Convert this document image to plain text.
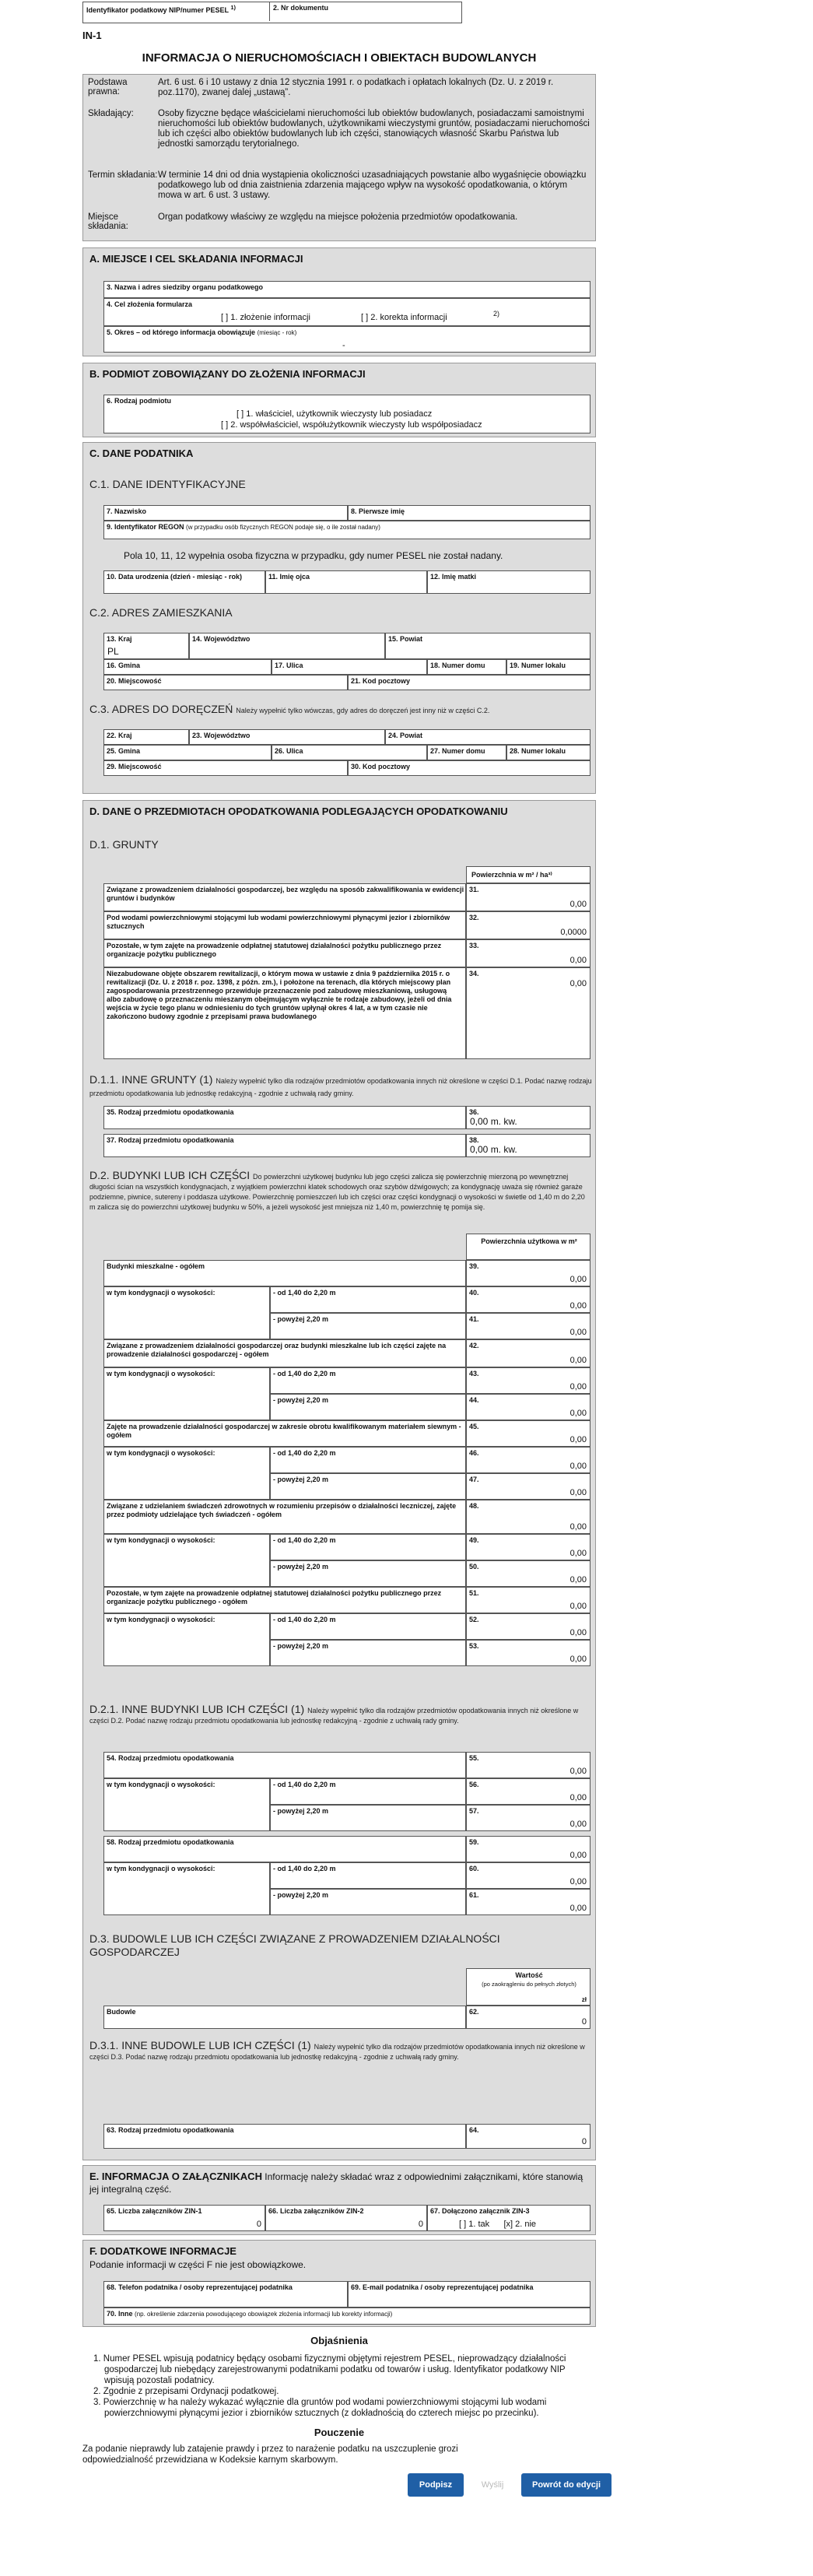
Identyfikator podatkowy NIP/numer PESEL $^{1)}$	2. Nr dokumentu
IN-1
INFORMACJA O NIERUCHOMOŚCIACH I OBIEKTACH BUDOWLANYCH
Podstawa prawna:
Art. 6 ust. 6 i 10 ustawy z dnia 12 stycznia 1991 r. o podatkach i opłatach lokalnych (Dz. U. z 2019 r. poz.1170), zwanej dalej „ustawą”.
Składający:	Osoby fizyczne będące właścicielami nieruchomości lub obiektów budowlanych, posiadaczami samoistnymi nieruchomości lub obiektów budowlanych, użytkownikami wieczystymi gruntów, posiadaczami nieruchomości lub ich części albo obiektów budowlanych lub ich części, stanowiących własność Skarbu Państwa lub jednostki samorządu terytorialnego.
Termin składania: W terminie 14 dni od dnia wystąpienia okoliczności uzasadniających powstanie albo wygaśnięcie obowiązku podatkowego lub od dnia zaistnienia zdarzenia mającego wpływ na wysokość opodatkowania, o którym mowa w art. 6 ust. 3 ustawy.
Miejsce składania:
Organ podatkowy właściwy ze względu na miejsce położenia przedmiotów opodatkowania.
A. MIEJSCE I CEL SKŁADANIA INFORMACJI
3. Nazwa i adres siedziby organu podatkowego
4. Cel złożenia formularza
[ ] 1. złożenie informacji	[ ] 2. korekta informacji	2)
5. Okres – od którego informacja obowiązuje (miesiąc - rok)
-
B. PODMIOT ZOBOWIĄZANY DO ZŁOŻENIA INFORMACJI
6. Rodzaj podmiotu
[ ] 1. właściciel, użytkownik wieczysty lub posiadacz
[ ] 2. współwłaściciel, współużytkownik wieczysty lub współposiadacz
C. DANE PODATNIKA
C.1. DANE IDENTYFIKACYJNE
7. Nazwisko	8. Pierwsze imię
9. Identyfikator REGON (w przypadku osób fizycznych REGON podaje się, o ile został nadany)
Pola 10, 11, 12 wypełnia osoba fizyczna w przypadku, gdy numer PESEL nie został nadany.
10. Data urodzenia (dzień - miesiąc - rok)	11. Imię ojca	12. Imię matki
C.2. ADRES ZAMIESZKANIA
13. Kraj
PL
14. Województwo	15. Powiat
16. Gmina	17. Ulica	18. Numer domu	19. Numer lokalu
20. Miejscowość	21. Kod pocztowy
C.3. ADRES DO DORĘCZEŃ Należy wypełnić tylko wówczas, gdy adres do doręczeń jest inny niż w części C.2.
22. Kraj	23. Województwo	24. Powiat
25. Gmina	26. Ulica	27. Numer domu	28. Numer lokalu
29. Miejscowość	30. Kod pocztowy
D. DANE O PRZEDMIOTACH OPODATKOWANIA PODLEGAJĄCYCH OPODATKOWANIU
D.1. GRUNTY
Powierzchnia w m² / ha³⁾
Związane z prowadzeniem działalności gospodarczej, bez względu na sposób zakwalifikowania w ewidencji gruntów i budynków
31.
0,00
Pod wodami powierzchniowymi stojącymi lub wodami powierzchniowymi płynącymi jezior i zbiorników sztucznych
32.
0,0000
Pozostałe, w tym zajęte na prowadzenie odpłatnej statutowej działalności pożytku publicznego przez organizacje pożytku publicznego
33.
0,00
Niezabudowane objęte obszarem rewitalizacji, o którym mowa w ustawie z dnia 9 października 2015 r. o rewitalizacji (Dz. U. z 2018 r. poz. 1398, z późn. zm.), i położone na terenach, dla których miejscowy plan zagospodarowania przestrzennego przewiduje przeznaczenie pod zabudowę mieszkaniową, usługową albo zabudowę o przeznaczeniu mieszanym obejmującym wyłącznie te rodzaje zabudowy, jeżeli od dnia wejścia w życie tego planu w odniesieniu do tych gruntów upłynął okres 4 lat, a w tym czasie nie zakończono budowy zgodnie z przepisami prawa budowlanego
34.
0,00
D.1.1. INNE GRUNTY (1) Należy wypełnić tylko dla rodzajów przedmiotów opodatkowania innych niż określone w części D.1. Podać nazwę rodzaju przedmiotu opodatkowania lub jednostkę redakcyjną - zgodnie z uchwałą rady gminy.
35. Rodzaj przedmiotu opodatkowania	36.
0,00 m. kw.
37. Rodzaj przedmiotu opodatkowania	38.
0,00 m. kw.
D.2. BUDYNKI LUB ICH CZĘŚCI Do powierzchni użytkowej budynku lub jego części zalicza się powierzchnię mierzoną po wewnętrznej długości ścian na wszystkich kondygnacjach, z wyjątkiem powierzchni klatek schodowych oraz szybów dźwigowych; za kondygnację uważa się również garaże podziemne, piwnice, sutereny i poddasza użytkowe. Powierzchnię pomieszczeń lub ich części oraz części kondygnacji o wysokości w świetle od 1,40 m do 2,20 m zalicza się do powierzchni użytkowej budynku w 50%, a jeżeli wysokość jest mniejsza niż 1,40 m, powierzchnię tę pomija się.
Powierzchnia użytkowa w m²
Budynki mieszkalne - ogółem	39.
0,00
w tym kondygnacji o wysokości:	- od 1,40 do 2,20 m	40.
0,00
- powyżej 2,20 m	41.
0,00
Związane z prowadzeniem działalności gospodarczej oraz budynki mieszkalne lub ich części zajęte na prowadzenie działalności gospodarczej - ogółem
42.
0,00
w tym kondygnacji o wysokości:	- od 1,40 do 2,20 m	43.
0,00
- powyżej 2,20 m	44.
0,00
Zajęte na prowadzenie działalności gospodarczej w zakresie obrotu kwalifikowanym materiałem siewnym - ogółem
45.
0,00
w tym kondygnacji o wysokości:	- od 1,40 do 2,20 m	46.
0,00
- powyżej 2,20 m	47.
0,00
Związane z udzielaniem świadczeń zdrowotnych w rozumieniu przepisów o działalności leczniczej, zajęte przez podmioty udzielające tych świadczeń - ogółem
48.
0,00
w tym kondygnacji o wysokości:	- od 1,40 do 2,20 m	49.
0,00
- powyżej 2,20 m	50.
0,00
Pozostałe, w tym zajęte na prowadzenie odpłatnej statutowej działalności pożytku publicznego przez organizacje pożytku publicznego - ogółem
51.
0,00
w tym kondygnacji o wysokości:	- od 1,40 do 2,20 m	52.
0,00
- powyżej 2,20 m	53.
0,00
D.2.1. INNE BUDYNKI LUB ICH CZĘŚCI (1) Należy wypełnić tylko dla rodzajów przedmiotów opodatkowania innych niż określone w części D.2. Podać nazwę rodzaju przedmiotu opodatkowania lub jednostkę redakcyjną - zgodnie z uchwałą rady gminy.
54. Rodzaj przedmiotu opodatkowania	55.
0,00
w tym kondygnacji o wysokości:	- od 1,40 do 2,20 m	56.
0,00
- powyżej 2,20 m	57.
0,00
58. Rodzaj przedmiotu opodatkowania	59.
0,00
w tym kondygnacji o wysokości:	- od 1,40 do 2,20 m	60.
0,00
- powyżej 2,20 m	61.
0,00
D.3. BUDOWLE LUB ICH CZĘŚCI ZWIĄZANE Z PROWADZENIEM DZIAŁALNOŚCI GOSPODARCZEJ
Wartość
(po zaokrągleniu do pełnych złotych)
zł
Budowle	62.
0
D.3.1. INNE BUDOWLE LUB ICH CZĘŚCI (1) Należy wypełnić tylko dla rodzajów przedmiotów opodatkowania innych niż określone w części D.3. Podać nazwę rodzaju przedmiotu opodatkowania lub jednostkę redakcyjną - zgodnie z uchwałą rady gminy.
63. Rodzaj przedmiotu opodatkowania	64.
0
E. INFORMACJA O ZAŁĄCZNIKACH Informację należy składać wraz z odpowiednimi załącznikami, które stanowią jej integralną część.
65. Liczba załączników ZIN-1
0
66. Liczba załączników ZIN-2
0
67. Dołączono załącznik ZIN-3
[ ] 1. tak      [x] 2. nie
F. DODATKOWE INFORMACJE
Podanie informacji w części F nie jest obowiązkowe.
68. Telefon podatnika / osoby reprezentującej podatnika	69. E-mail podatnika / osoby reprezentującej podatnika
70. Inne (np. określenie zdarzenia powodującego obowiązek złożenia informacji lub korekty informacji)
Objaśnienia
1. Numer PESEL wpisują podatnicy będący osobami fizycznymi objętymi rejestrem PESEL, nieprowadzący działalności gospodarczej lub niebędący zarejestrowanymi podatnikami podatku od towarów i usług. Identyfikator podatkowy NIP wpisują pozostali podatnicy.
2. Zgodnie z przepisami Ordynacji podatkowej.
3. Powierzchnię w ha należy wykazać wyłącznie dla gruntów pod wodami powierzchniowymi stojącymi lub wodami powierzchniowymi płynącymi jezior i zbiorników sztucznych (z dokładnością do czterech miejsc po przecinku).
Pouczenie
Za podanie nieprawdy lub zatajenie prawdy i przez to narażenie podatku na uszczuplenie grozi odpowiedzialność przewidziana w Kodeksie karnym skarbowym.
Podpisz	Wyślij	Powrót do edycji
